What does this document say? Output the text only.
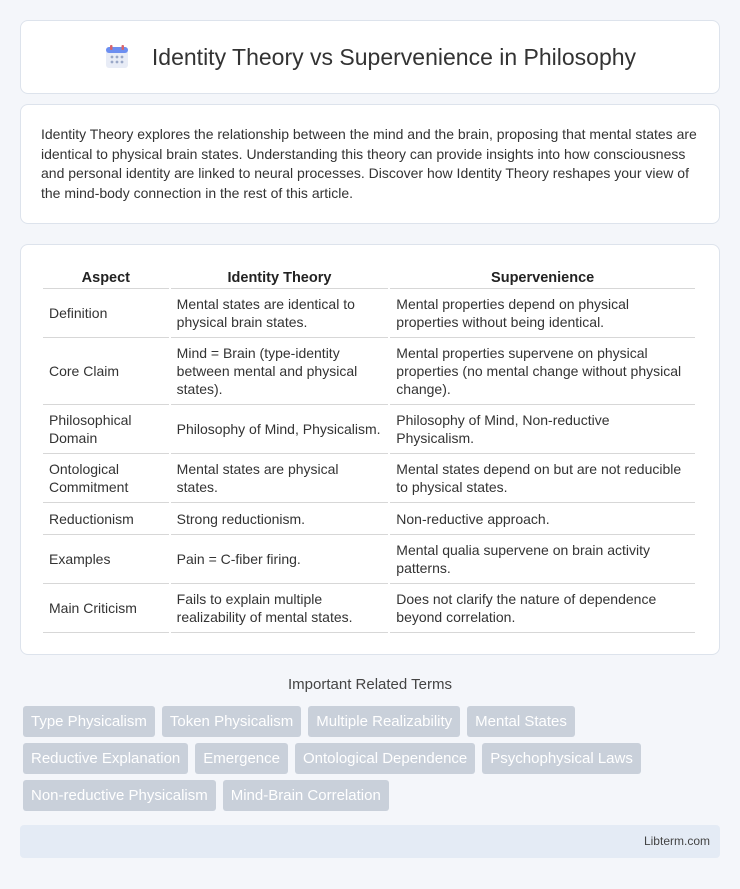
Identity Theory vs Supervenience in Philosophy

Identity Theory explores the relationship between the mind and the brain, proposing that mental states are identical to physical brain states. Understanding this theory can provide insights into how consciousness and personal identity are linked to neural processes. Discover how Identity Theory reshapes your view of the mind-body connection in the rest of this article.

Aspect	Identity Theory	Supervenience
Definition	Mental states are identical to physical brain states.	Mental properties depend on physical properties without being identical.
Core Claim	Mind = Brain (type-identity between mental and physical states).	Mental properties supervene on physical properties (no mental change without physical change).
Philosophical Domain	Philosophy of Mind, Physicalism.	Philosophy of Mind, Non-reductive Physicalism.
Ontological Commitment	Mental states are physical states.	Mental states depend on but are not reducible to physical states.
Reductionism	Strong reductionism.	Non-reductive approach.
Examples	Pain = C-fiber firing.	Mental qualia supervene on brain activity patterns.
Main Criticism	Fails to explain multiple realizability of mental states.	Does not clarify the nature of dependence beyond correlation.
Important Related Terms
Type Physicalism	Token Physicalism	Multiple Realizability	Mental States
Reductive Explanation	Emergence	Ontological Dependence	Psychophysical Laws
Non-reductive Physicalism	Mind-Brain Correlation
Libterm.com
